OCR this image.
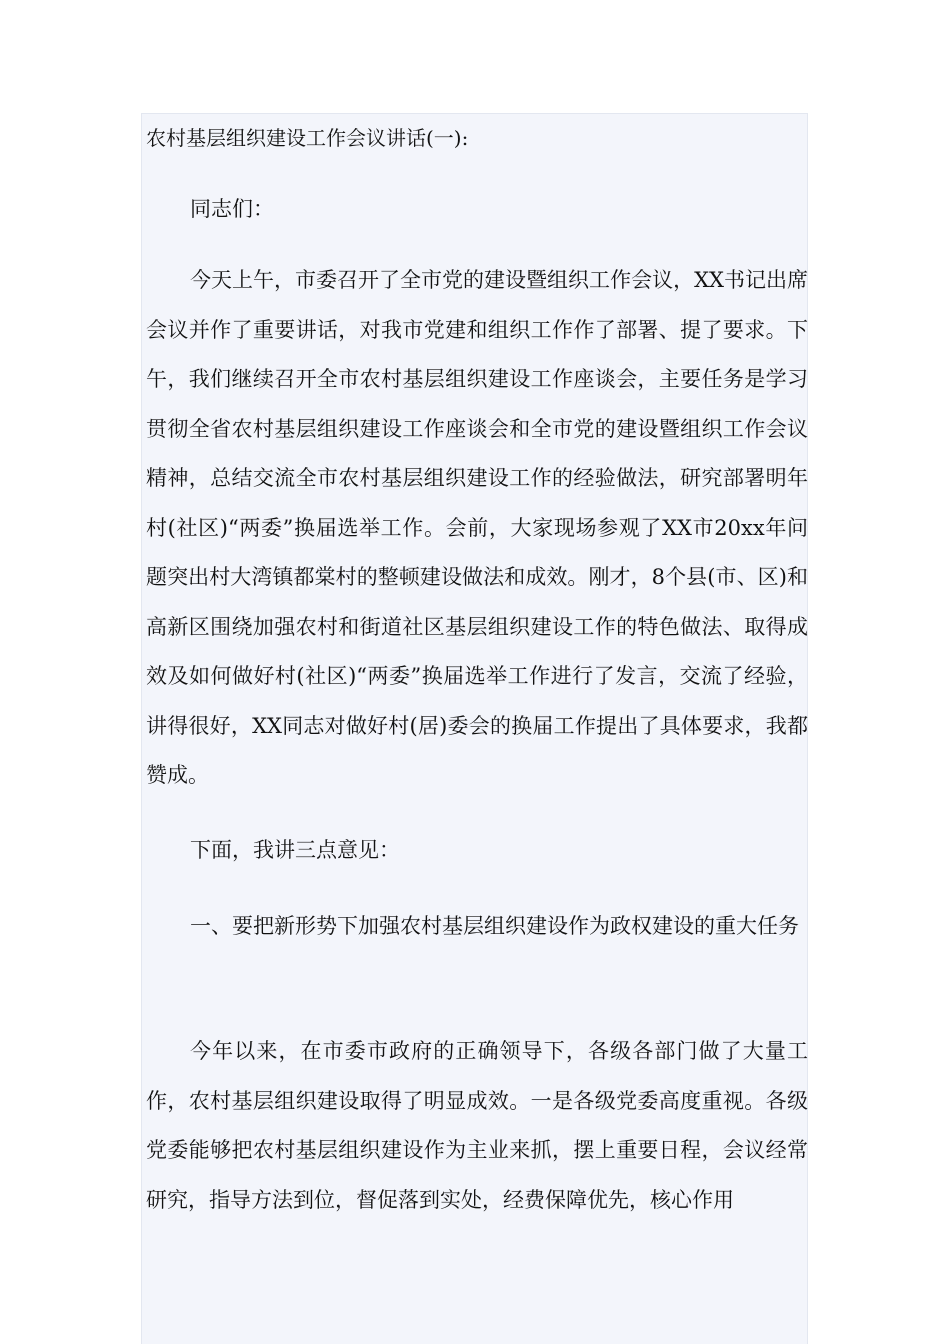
农村基层组织建设工作会议讲话(一):

同志们：

今天上午，市委召开了全市党的建设暨组织工作会议，XX书记出席会议并作了重要讲话，对我市党建和组织工作作了部署、提了要求。下午，我们继续召开全市农村基层组织建设工作座谈会，主要任务是学习贯彻全省农村基层组织建设工作座谈会和全市党的建设暨组织工作会议精神，总结交流全市农村基层组织建设工作的经验做法，研究部署明年村(社区)“两委”换届选举工作。会前，大家现场参观了XX市20xx年问题突出村大湾镇都棠村的整顿建设做法和成效。刚才，8个县(市、区)和高新区围绕加强农村和街道社区基层组织建设工作的特色做法、取得成效及如何做好村(社区)“两委”换届选举工作进行了发言，交流了经验，讲得很好，XX同志对做好村(居)委会的换届工作提出了具体要求，我都赞成。

下面，我讲三点意见：

一、要把新形势下加强农村基层组织建设作为政权建设的重大任务

今年以来，在市委市政府的正确领导下，各级各部门做了大量工作，农村基层组织建设取得了明显成效。一是各级党委高度重视。各级党委能够把农村基层组织建设作为主业来抓，摆上重要日程，会议经常研究，指导方法到位，督促落到实处，经费保障优先，核心作用
